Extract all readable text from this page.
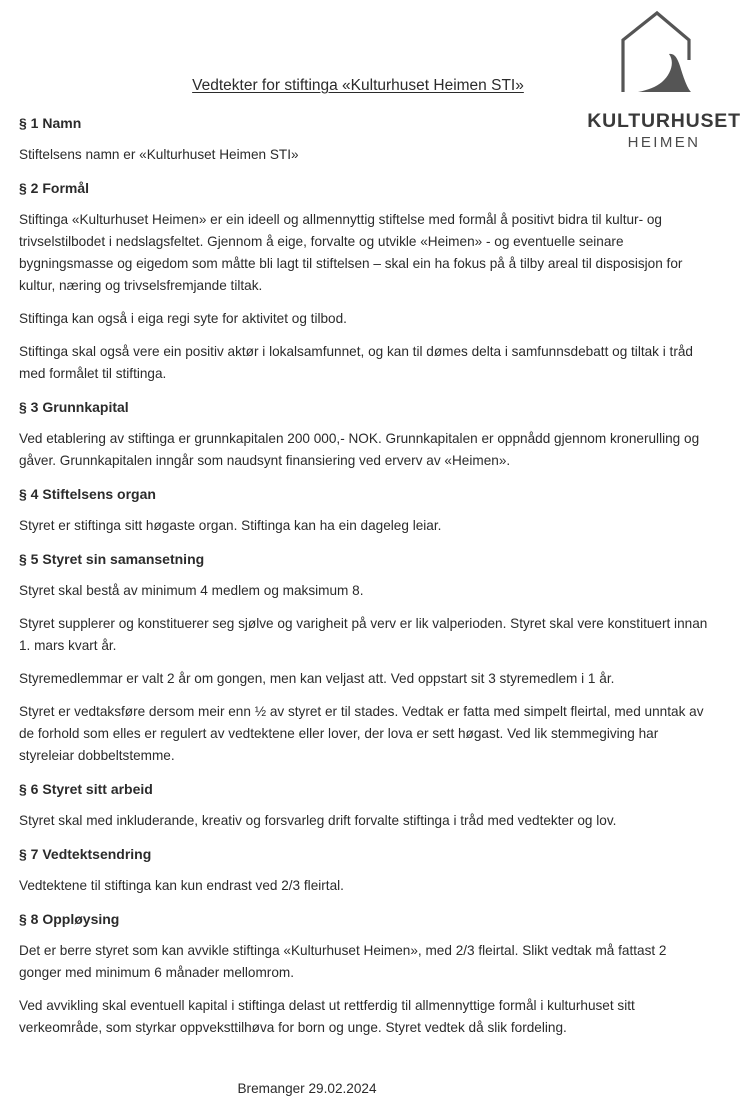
KULTURHUSET
HEIMEN
Vedtekter for stiftinga «Kulturhuset Heimen STI»
§ 1 Namn

Stiftelsens namn er «Kulturhuset Heimen STI»

§ 2 Formål

Stiftinga «Kulturhuset Heimen» er ein ideell og allmennyttig stiftelse med formål å positivt bidra til kultur- og trivselstilbodet i nedslagsfeltet. Gjennom å eige, forvalte og utvikle «Heimen» - og eventuelle seinare bygningsmasse og eigedom som måtte bli lagt til stiftelsen – skal ein ha fokus på å tilby areal til disposisjon for kultur, næring og trivselsfremjande tiltak.

Stiftinga kan også i eiga regi syte for aktivitet og tilbod.

Stiftinga skal også vere ein positiv aktør i lokalsamfunnet, og kan til dømes delta i samfunnsdebatt og tiltak i tråd med formålet til stiftinga.

§ 3 Grunnkapital

Ved etablering av stiftinga er grunnkapitalen 200 000,- NOK. Grunnkapitalen er oppnådd gjennom kronerulling og gåver. Grunnkapitalen inngår som naudsynt finansiering ved erverv av «Heimen».

§ 4 Stiftelsens organ

Styret er stiftinga sitt høgaste organ. Stiftinga kan ha ein dageleg leiar.

§ 5 Styret sin samansetning

Styret skal bestå av minimum 4 medlem og maksimum 8.

Styret supplerer og konstituerer seg sjølve og varigheit på verv er lik valperioden. Styret skal vere konstituert innan 1. mars kvart år.

Styremedlemmar er valt 2 år om gongen, men kan veljast att. Ved oppstart sit 3 styremedlem i 1 år.

Styret er vedtaksføre dersom meir enn ½ av styret er til stades. Vedtak er fatta med simpelt fleirtal, med unntak av de forhold som elles er regulert av vedtektene eller lover, der lova er sett høgast. Ved lik stemmegiving har styreleiar dobbeltstemme.

§ 6 Styret sitt arbeid

Styret skal med inkluderande, kreativ og forsvarleg drift forvalte stiftinga i tråd med vedtekter og lov.

§ 7 Vedtektsendring

Vedtektene til stiftinga kan kun endrast ved 2/3 fleirtal.

§ 8 Oppløysing

Det er berre styret som kan avvikle stiftinga «Kulturhuset Heimen», med 2/3 fleirtal. Slikt vedtak må fattast 2 gonger med minimum 6 månader mellomrom.

Ved avvikling skal eventuell kapital i stiftinga delast ut rettferdig til allmennyttige formål i kulturhuset sitt verkeområde, som styrkar oppveksttilhøva for born og unge. Styret vedtek då slik fordeling.

Bremanger 29.02.2024
